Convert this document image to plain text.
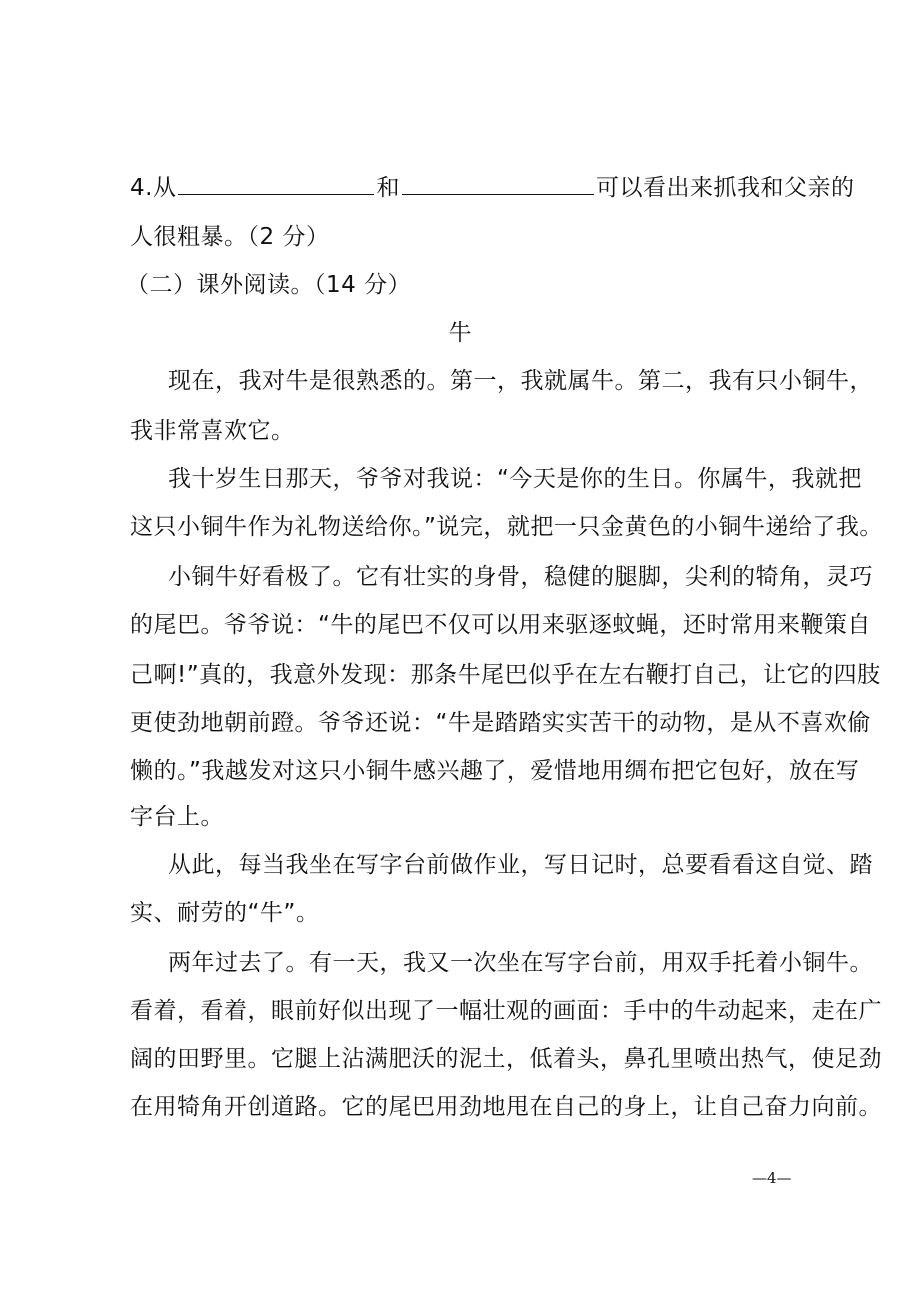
4.从	和	可以看出来抓我和父亲的
人很粗暴。（2 分）
（二）课外阅读。（14 分）
牛
现在，我对牛是很熟悉的。第一，我就属牛。第二，我有只小铜牛，
我非常喜欢它。
我十岁生日那天，爷爷对我说：“今天是你的生日。你属牛，我就把
这只小铜牛作为礼物送给你。”说完，就把一只金黄色的小铜牛递给了我。
小铜牛好看极了。它有壮实的身骨，稳健的腿脚，尖利的犄角，灵巧
的尾巴。爷爷说：“牛的尾巴不仅可以用来驱逐蚊蝇，还时常用来鞭策自
己啊!”真的，我意外发现：那条牛尾巴似乎在左右鞭打自己，让它的四肢
更使劲地朝前蹬。爷爷还说：“牛是踏踏实实苦干的动物，是从不喜欢偷
懒的。”我越发对这只小铜牛感兴趣了，爱惜地用绸布把它包好，放在写
字台上。
从此，每当我坐在写字台前做作业，写日记时，总要看看这自觉、踏
实、耐劳的“牛”。
两年过去了。有一天，我又一次坐在写字台前，用双手托着小铜牛。
看着，看着，眼前好似出现了一幅壮观的画面：手中的牛动起来，走在广
阔的田野里。它腿上沾满肥沃的泥土，低着头，鼻孔里喷出热气，使足劲
在用犄角开创道路。它的尾巴用劲地甩在自己的身上，让自己奋力向前。
—4—
